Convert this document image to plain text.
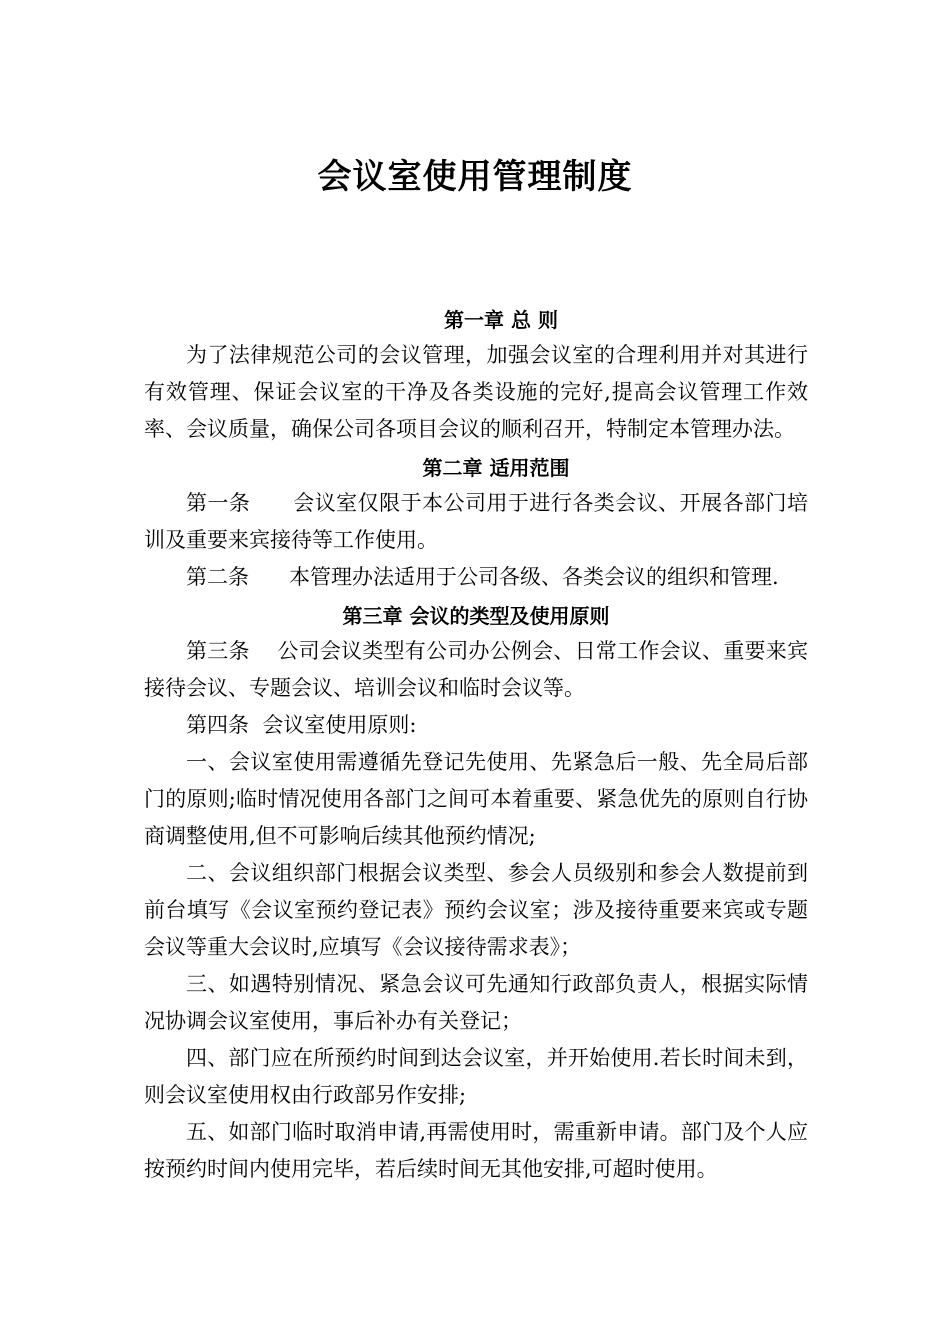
会议室使用管理制度
第一章 总 则

为了法律规范公司的会议管理，加强会议室的合理利用并对其进行有效管理、保证会议室的干净及各类设施的完好,提高会议管理工作效率、会议质量，确保公司各项目会议的顺利召开，特制定本管理办法。

第二章 适用范围

第一条      会议室仅限于本公司用于进行各类会议、开展各部门培训及重要来宾接待等工作使用。

第二条      本管理办法适用于公司各级、各类会议的组织和管理.

第三章 会议的类型及使用原则

第三条    公司会议类型有公司办公例会、日常工作会议、重要来宾接待会议、专题会议、培训会议和临时会议等。

第四条  会议室使用原则:

一、会议室使用需遵循先登记先使用、先紧急后一般、先全局后部门的原则;临时情况使用各部门之间可本着重要、紧急优先的原则自行协商调整使用,但不可影响后续其他预约情况;

二、会议组织部门根据会议类型、参会人员级别和参会人数提前到前台填写《会议室预约登记表》预约会议室；涉及接待重要来宾或专题会议等重大会议时,应填写《会议接待需求表》；

三、如遇特别情况、紧急会议可先通知行政部负责人，根据实际情况协调会议室使用，事后补办有关登记；

四、部门应在所预约时间到达会议室，并开始使用.若长时间未到，则会议室使用权由行政部另作安排;

五、如部门临时取消申请,再需使用时，需重新申请。部门及个人应按预约时间内使用完毕，若后续时间无其他安排,可超时使用。
